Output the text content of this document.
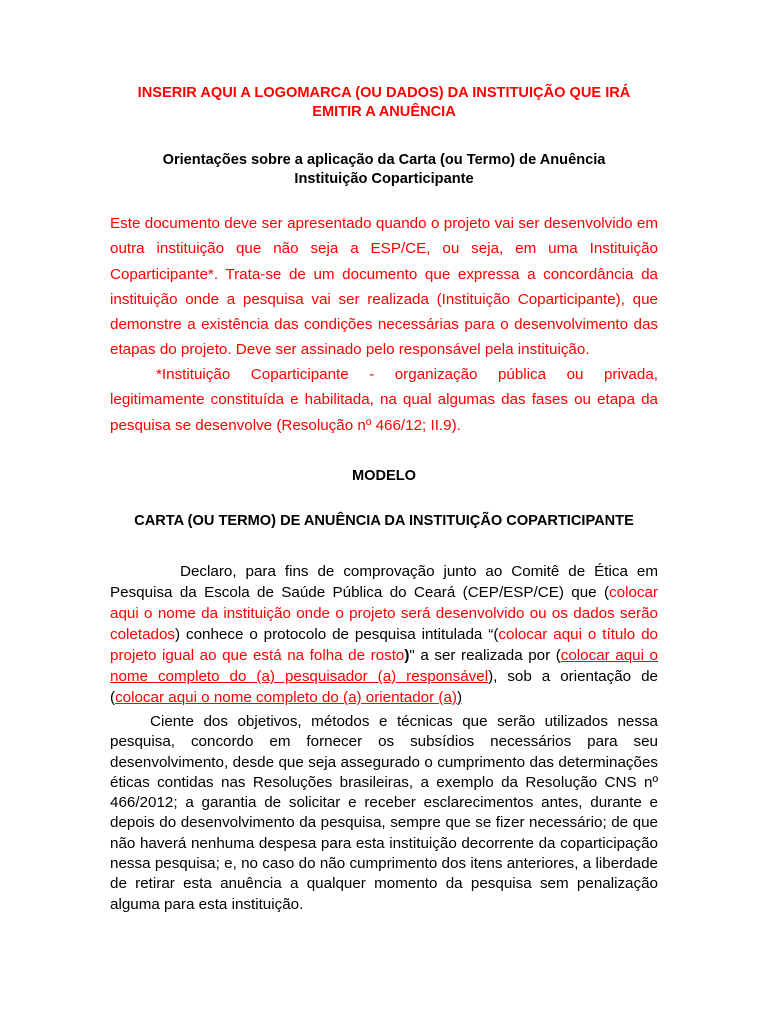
INSERIR AQUI A LOGOMARCA (OU DADOS) DA INSTITUIÇÃO QUE IRÁ
EMITIR A ANUÊNCIA
Orientações sobre a aplicação da Carta (ou Termo) de Anuência
Instituição Coparticipante

Este documento deve ser apresentado quando o projeto vai ser desenvolvido em outra instituição que não seja a ESP/CE, ou seja, em uma Instituição Coparticipante*. Trata-se de um documento que expressa a concordância da instituição onde a pesquisa vai ser realizada (Instituição Coparticipante), que demonstre a existência das condições necessárias para o desenvolvimento das etapas do projeto. Deve ser assinado pelo responsável pela instituição.

*Instituição Coparticipante - organização pública ou privada, legitimamente constituída e habilitada, na qual algumas das fases ou etapa da pesquisa se desenvolve (Resolução nº 466/12; II.9).

MODELO
CARTA (OU TERMO) DE ANUÊNCIA DA INSTITUIÇÃO COPARTICIPANTE

Declaro, para fins de comprovação junto ao Comitê de Ética em Pesquisa da Escola de Saúde Pública do Ceará (CEP/ESP/CE) que (colocar aqui o nome da instituição onde o projeto será desenvolvido ou os dados serão coletados) conhece o protocolo de pesquisa intitulada “(colocar aqui o título do projeto igual ao que está na folha de rosto)" a ser realizada por (colocar aqui o nome completo do (a) pesquisador (a) responsável), sob a orientação de (colocar aqui o nome completo do (a) orientador (a))

Ciente dos objetivos, métodos e técnicas que serão utilizados nessa pesquisa, concordo em fornecer os subsídios necessários para seu desenvolvimento, desde que seja assegurado o cumprimento das determinações éticas contidas nas Resoluções brasileiras, a exemplo da Resolução CNS nº 466/2012; a garantia de solicitar e receber esclarecimentos antes, durante e depois do desenvolvimento da pesquisa, sempre que se fizer necessário; de que não haverá nenhuma despesa para esta instituição decorrente da coparticipação nessa pesquisa; e, no caso do não cumprimento dos itens anteriores, a liberdade de retirar esta anuência a qualquer momento da pesquisa sem penalização alguma para esta instituição.
